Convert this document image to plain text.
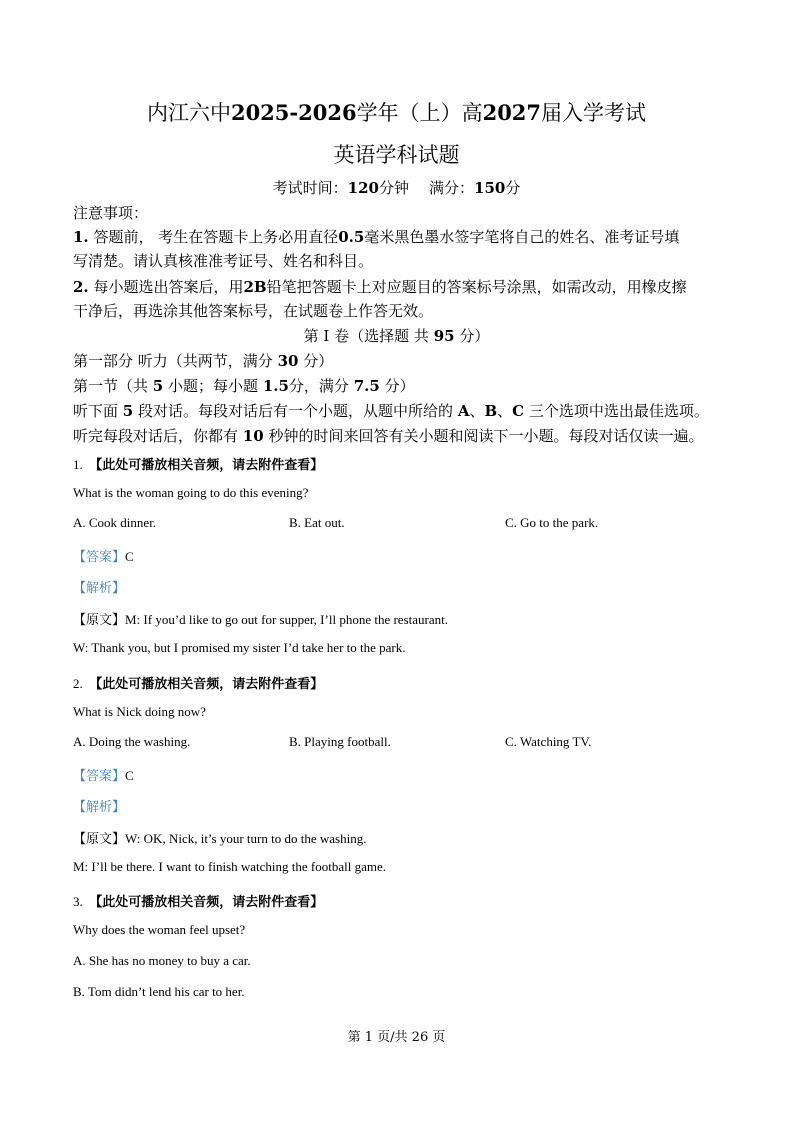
内江六中2025-2026学年（上）高2027届入学考试
英语学科试题
考试时间：120分钟 满分：150分
注意事项：
1. 答题前， 考生在答题卡上务必用直径0.5毫米黑色墨水签字笔将自己的姓名、准考证号填
写清楚。请认真核准准考证号、姓名和科目。
2. 每小题选出答案后，用2B铅笔把答题卡上对应题目的答案标号涂黑，如需改动，用橡皮擦
干净后，再选涂其他答案标号，在试题卷上作答无效。
第 Ⅰ 卷（选择题 共 95 分）
第一部分 听力（共两节，满分 30 分）
第一节（共 5 小题；每小题 1.5分，满分 7.5 分）
听下面 5 段对话。每段对话后有一个小题，从题中所给的 A、B、C 三个选项中选出最佳选项。
听完每段对话后，你都有 10 秒钟的时间来回答有关小题和阅读下一小题。每段对话仅读一遍。
1. 【此处可播放相关音频，请去附件查看】
What is the woman going to do this evening?
A. Cook dinner.	B. Eat out.	C. Go to the park.
【答案】C
【解析】
【原文】M: If you’d like to go out for supper, I’ll phone the restaurant.
W: Thank you, but I promised my sister I’d take her to the park.
2. 【此处可播放相关音频，请去附件查看】
What is Nick doing now?
A. Doing the washing.	B. Playing football.	C. Watching TV.
【答案】C
【解析】
【原文】W: OK, Nick, it’s your turn to do the washing.
M: I’ll be there. I want to finish watching the football game.
3. 【此处可播放相关音频，请去附件查看】
Why does the woman feel upset?
A. She has no money to buy a car.
B. Tom didn’t lend his car to her.
第 1 页/共 26 页
